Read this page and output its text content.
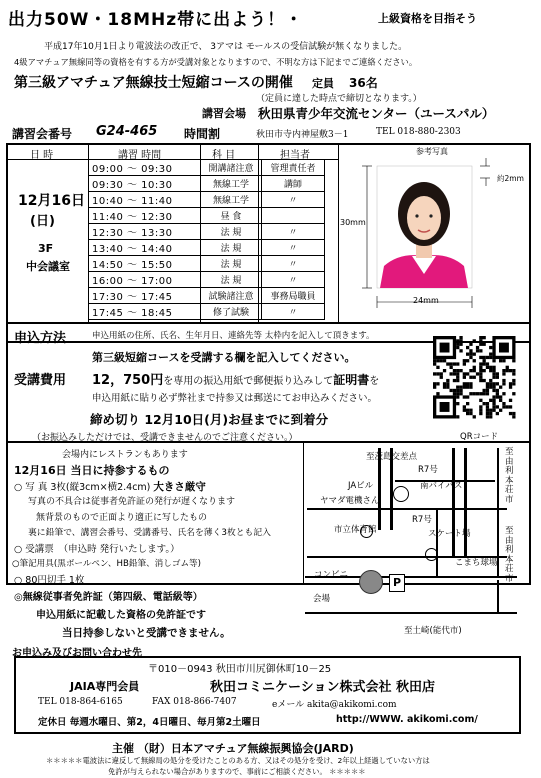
出力50W・18MHz帯に出よう！・	上級資格を目指そう
平成17年10月1日より電波法の改正で、 3アマは モールスの受信試験が無くなりました。
4級アマチュア無線同等の資格を有する方が受講対象となりますので、不明な方は下記までご連絡ください。
第三級アマチュア無線技士短縮コースの開催 定員 36名
（定員に達した時点で締切となります。）
講習会場 秋田県青少年交流センター（ユースパル）
講習会番号 G24-465 時間割	秋田市寺内神屋敷3－1	TEL 018-880-2303
日 時	講習 時間	科 目	担当者
12月16日
(日)
3F
中会議室
09:00 ～ 09:30	開講諸注意	管理責任者
09:30 ～ 10:30	無線工学	講師
10:40 ～ 11:40	無線工学	〃
11:40 ～ 12:30	昼 食	
12:30 ～ 13:30	法 規	〃
13:40 ～ 14:40	法 規	〃
14:50 ～ 15:50	法 規	〃
16:00 ～ 17:00	法 規	〃
17:30 ～ 17:45	試験諸注意	事務局職員
17:45 ～ 18:45	修了試験	〃
参考写真
約2mm
30mm
24mm
申込方法	申込用紙の住所、氏名、生年月日、連絡先等 太枠内を記入して頂きます。
第三級短縮コースを受講する欄を記入してください。
受講費用 12，750円を専用の振込用紙で郵便振り込みして証明書を
申込用紙に貼り必ず弊社まで持参又は郵送にてお申込みください。
締め切り 12月10日(月)お昼までに到着分
（お振込みしただけでは、受講できませんのでご注意ください。）	QRコード
会場内にレストランもあります
12月16日 当日に持参するもの
○ 写 真 3枚(縦3cm×横2.4cm) 大きさ厳守
写真の不具合は従事者免許証の発行が遅くなります
無背景のもので正面より適正に写したもの
裏に鉛筆で、講習会番号、受講番号、氏名を薄く3枚とも記入
○ 受講票　 （申込時 発行いたします。）
○筆記用具(黒ボールペン、HB鉛筆、消しゴム等)
○ 80円切手 1枚	P
至茨島交差点
R7号
JAビル	南バイパス
ヤマダ電機さん
R7号
市立体育館	スケート場
こまち球場
コンビニ
至由利本荘市
至由利本荘市
◎無線従事者免許証（第四級、電話級等）
申込用紙に記載した資格の免許証です
当日持参しないと受講できません。
会場
至土崎(能代市)
お申込み及びお問い合わせ先
〒010－0943 秋田市川尻御休町10－25
JAIA専門会員	秋田コミニケーション株式会社 秋田店
TEL 018-864-6165	FAX 018-866-7407	eメール akita@akikomi.com
定休日 毎週水曜日、第2，4日曜日、毎月第2土曜日	http://WWW. akikomi.com/
主催 （財）日本アマチュア無線振興協会(JARD)
＊＊＊＊＊電波法に違反して無線局の処分を受けたことのある方、又はその処分を受け、2年以上経過していない方は
免許が与えられない場合がありますので、事前にご相談ください。 ＊＊＊＊＊
